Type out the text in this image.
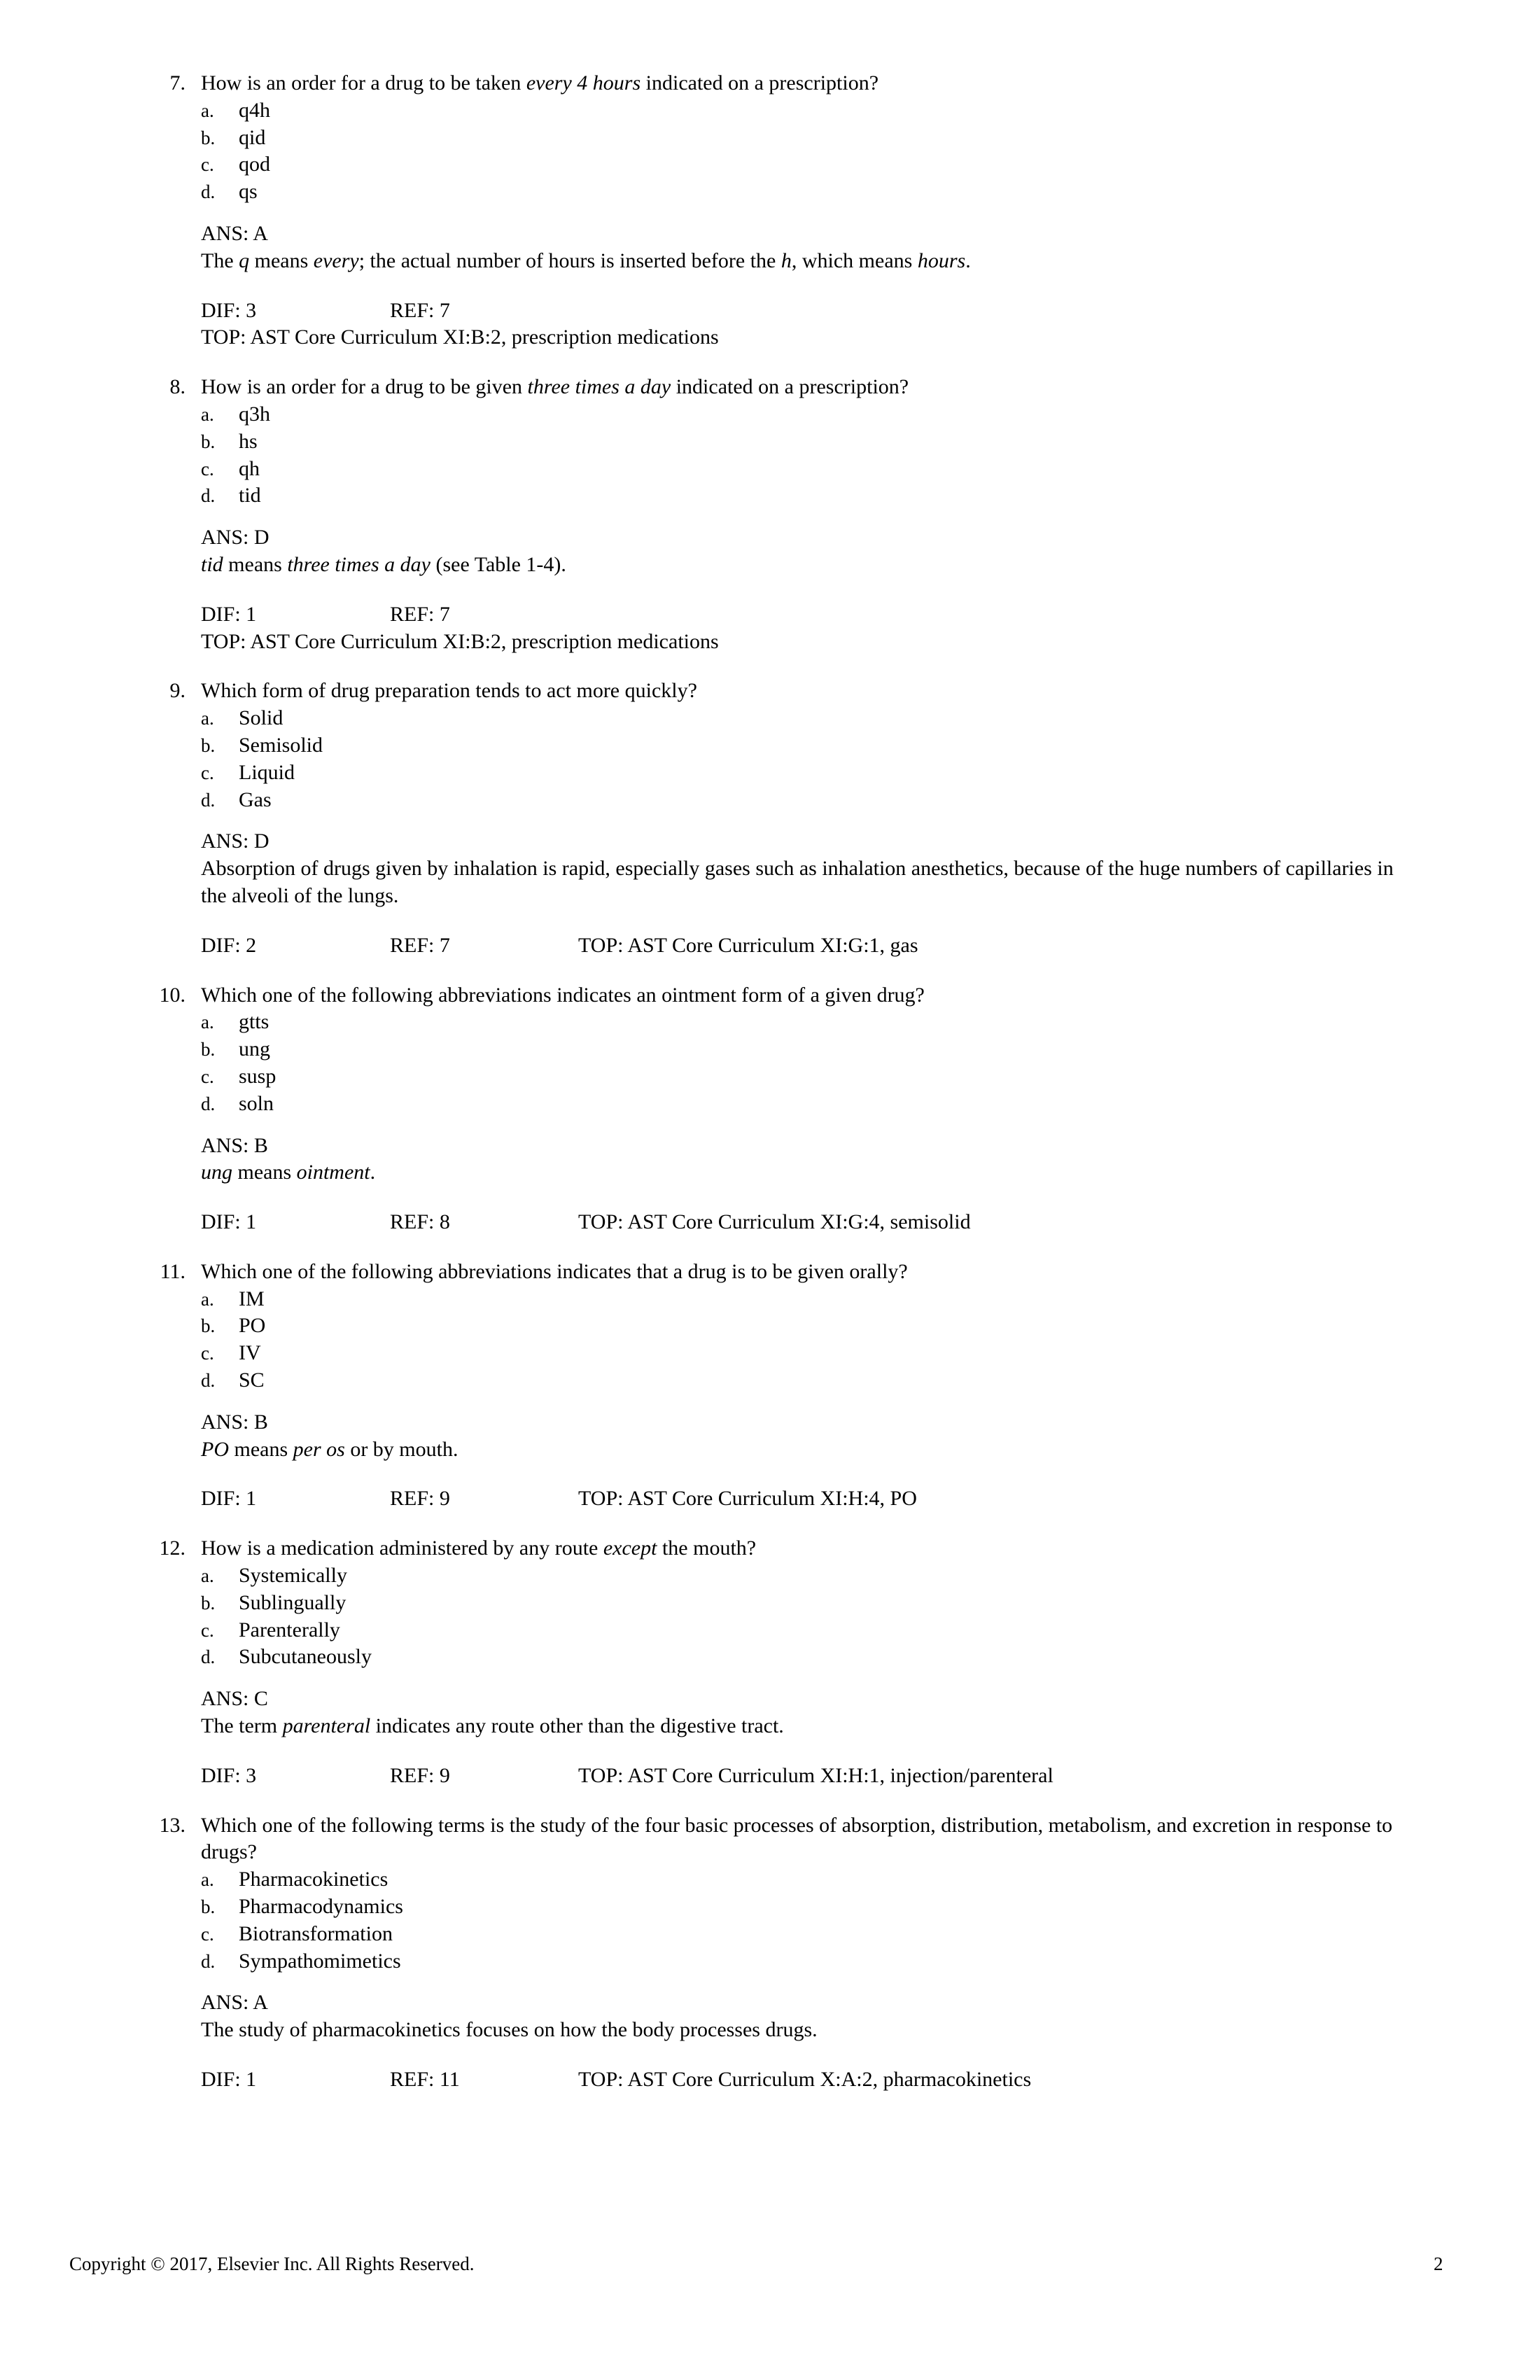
7. How is an order for a drug to be taken every 4 hours indicated on a prescription?
a. q4h
b. qid
c. qod
d. qs
ANS: A
The q means every; the actual number of hours is inserted before the h, which means hours.
DIF: 3	REF: 7
TOP: AST Core Curriculum XI:B:2, prescription medications
8. How is an order for a drug to be given three times a day indicated on a prescription?
a. q3h
b. hs
c. qh
d. tid
ANS: D
tid means three times a day (see Table 1-4).
DIF: 1	REF: 7
TOP: AST Core Curriculum XI:B:2, prescription medications
9. Which form of drug preparation tends to act more quickly?
a. Solid
b. Semisolid
c. Liquid
d. Gas
ANS: D
Absorption of drugs given by inhalation is rapid, especially gases such as inhalation anesthetics, because of the huge numbers of capillaries in the alveoli of the lungs.
DIF: 2	REF: 7	TOP: AST Core Curriculum XI:G:1, gas
10. Which one of the following abbreviations indicates an ointment form of a given drug?
a. gtts
b. ung
c. susp
d. soln
ANS: B
ung means ointment.
DIF: 1	REF: 8	TOP: AST Core Curriculum XI:G:4, semisolid
11. Which one of the following abbreviations indicates that a drug is to be given orally?
a. IM
b. PO
c. IV
d. SC
ANS: B
PO means per os or by mouth.
DIF: 1	REF: 9	TOP: AST Core Curriculum XI:H:4, PO
12. How is a medication administered by any route except the mouth?
a. Systemically
b. Sublingually
c. Parenterally
d. Subcutaneously
ANS: C
The term parenteral indicates any route other than the digestive tract.
DIF: 3	REF: 9	TOP: AST Core Curriculum XI:H:1, injection/parenteral
13. Which one of the following terms is the study of the four basic processes of absorption, distribution, metabolism, and excretion in response to drugs?
a. Pharmacokinetics
b. Pharmacodynamics
c. Biotransformation
d. Sympathomimetics
ANS: A
The study of pharmacokinetics focuses on how the body processes drugs.
DIF: 1	REF: 11	TOP: AST Core Curriculum X:A:2, pharmacokinetics
Copyright © 2017, Elsevier Inc. All Rights Reserved.	2
